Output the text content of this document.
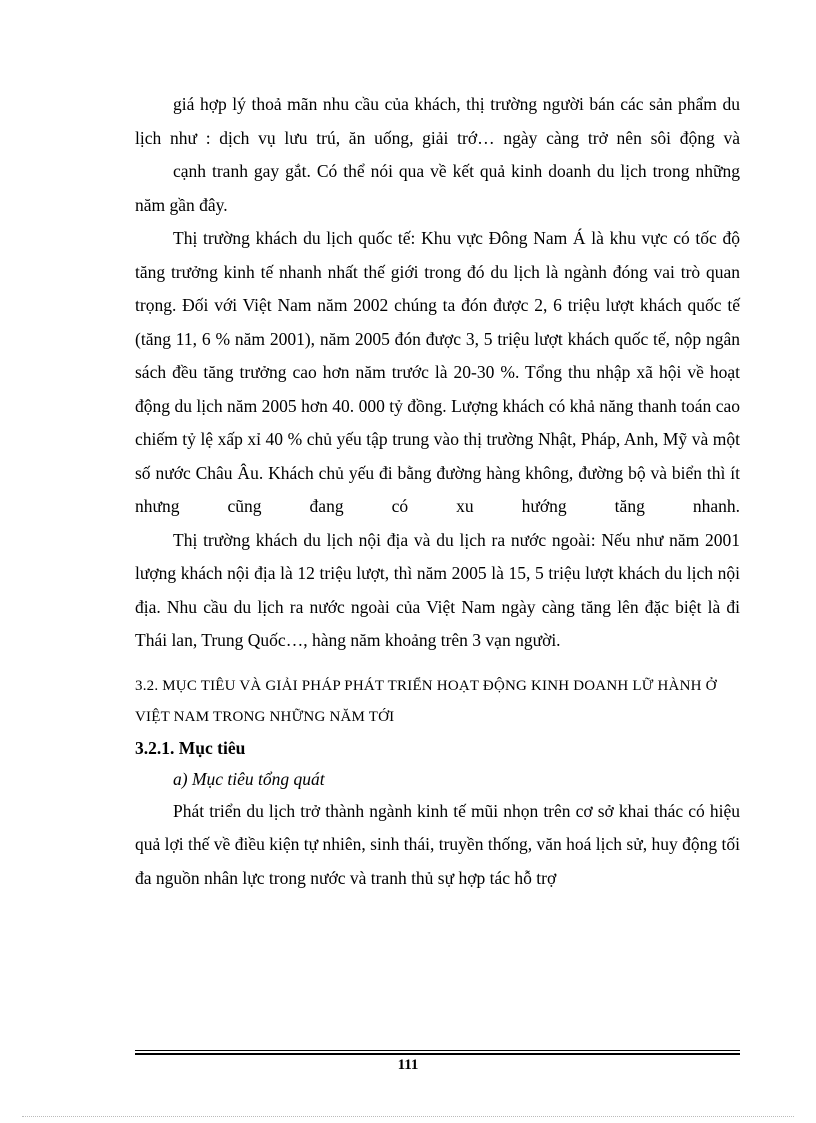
giá hợp lý thoả mãn nhu cầu của khách, thị trường người bán các sản phẩm du lịch như : dịch vụ lưu trú, ăn uống, giải trớ… ngày càng trở nên sôi động và

cạnh tranh gay gắt. Có thể nói qua về kết quả kinh doanh du lịch trong những năm gần đây.

Thị trường khách du lịch quốc tế: Khu vực Đông Nam Á là khu vực có tốc độ tăng trưởng kinh tế nhanh nhất thế giới trong đó du lịch là ngành đóng vai trò quan trọng. Đối với Việt Nam năm 2002 chúng ta đón được 2, 6 triệu lượt khách quốc tế (tăng 11, 6 % năm 2001), năm 2005 đón được 3, 5 triệu lượt khách quốc tế, nộp ngân sách đều tăng trưởng cao hơn năm trước là 20-30 %. Tổng thu nhập xã hội về hoạt động du lịch năm 2005 hơn 40. 000 tỷ đồng. Lượng khách có khả năng thanh toán cao chiếm tỷ lệ xấp xỉ 40 % chủ yếu tập trung vào thị trường Nhật, Pháp, Anh, Mỹ và một số nước Châu Âu. Khách chủ yếu đi bằng đường hàng không, đường bộ và biển thì ít nhưng cũng đang có xu hướng tăng nhanh.

Thị trường khách du lịch nội địa và du lịch ra nước ngoài: Nếu như năm 2001 lượng khách nội địa là 12 triệu lượt, thì năm 2005 là 15, 5 triệu lượt khách du lịch nội địa. Nhu cầu du lịch ra nước ngoài của Việt Nam ngày càng tăng lên đặc biệt là đi Thái lan, Trung Quốc…, hàng năm khoảng trên 3 vạn người.

3.2. MỤC TIÊU VÀ GIẢI PHÁP PHÁT TRIỂN HOẠT ĐỘNG KINH DOANH LỮ HÀNH Ở VIỆT NAM TRONG NHỮNG NĂM TỚI

3.2.1. Mục tiêu

a) Mục tiêu tổng quát

Phát triển du lịch trở thành ngành kinh tế mũi nhọn trên cơ sở khai thác có hiệu quả lợi thế về điều kiện tự nhiên, sinh thái, truyền thống, văn hoá lịch sử, huy động tối đa nguồn nhân lực trong nước và tranh thủ sự hợp tác hỗ trợ

111
